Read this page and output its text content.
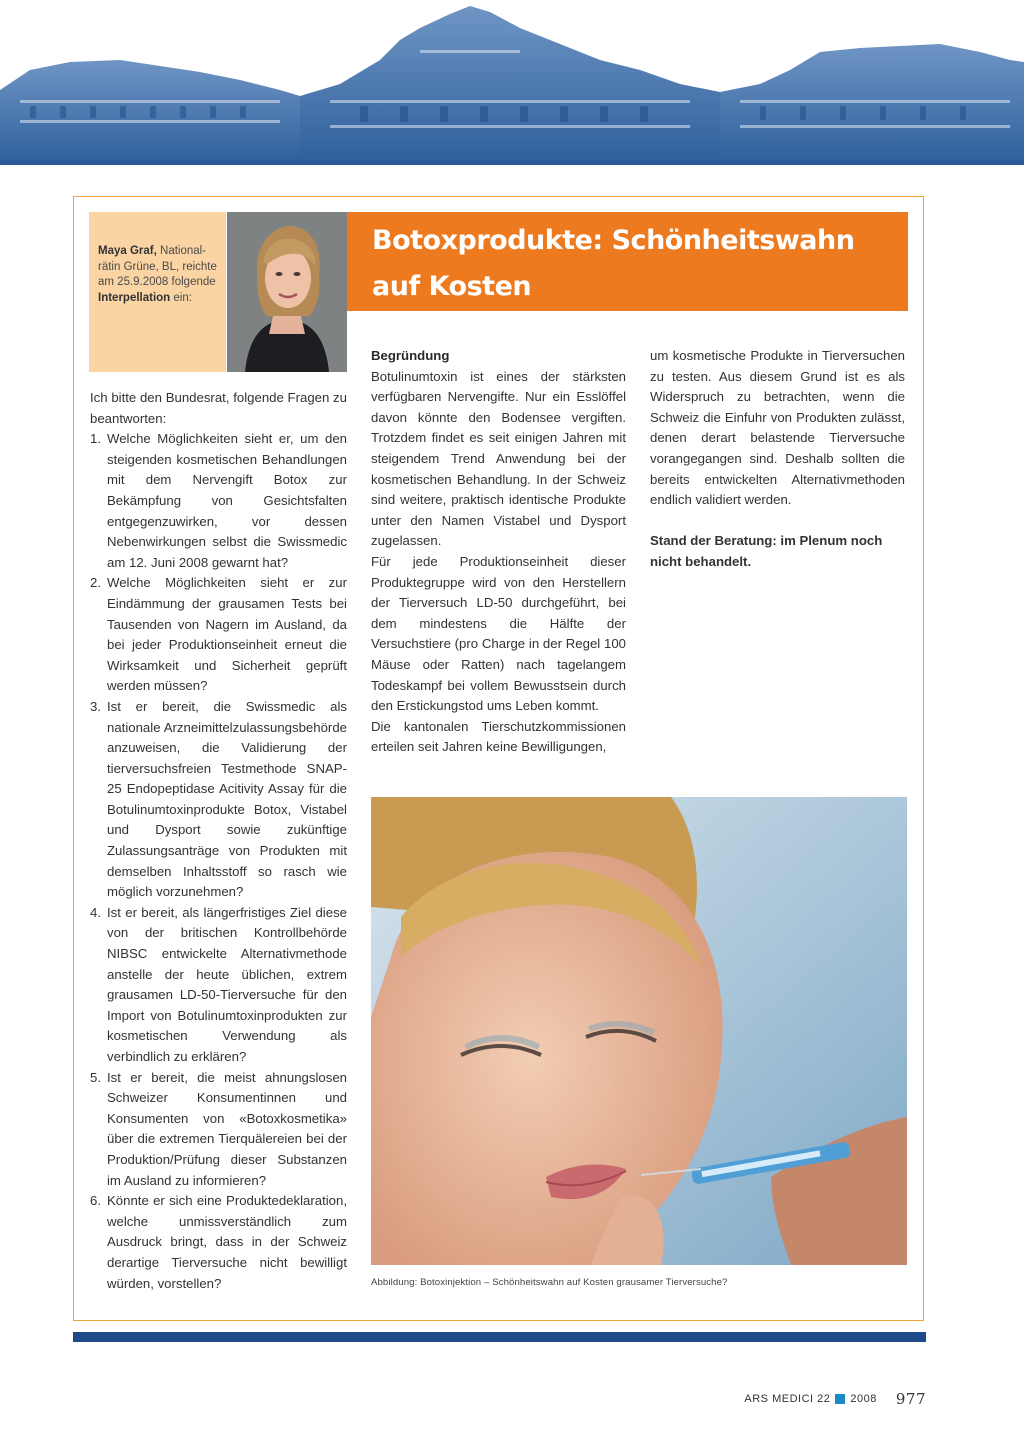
Maya Graf, Nationalrätin Grüne, BL, reichte am 25.9.2008 folgende Interpellation ein:
Botoxprodukte: Schönheitswahn auf Kosten
grausamer Tierversuche?

Ich bitte den Bundesrat, folgende Fragen zu beantworten:

1. Welche Möglichkeiten sieht er, um den steigenden kosmetischen Behandlungen mit dem Nervengift Botox zur Bekämpfung von Gesichtsfalten entgegenzuwirken, vor dessen Nebenwirkungen selbst die Swissmedic am 12. Juni 2008 gewarnt hat?
2. Welche Möglichkeiten sieht er zur Eindämmung der grausamen Tests bei Tausenden von Nagern im Ausland, da bei jeder Produktionseinheit erneut die Wirksamkeit und Sicherheit geprüft werden müssen?
3. Ist er bereit, die Swissmedic als nationale Arzneimittelzulassungsbehörde anzuweisen, die Validierung der tierversuchsfreien Testmethode SNAP-25 Endopeptidase Acitivity Assay für die Botulinumtoxinprodukte Botox, Vistabel und Dysport sowie zukünftige Zulassungsanträge von Produkten mit demselben Inhaltsstoff so rasch wie möglich vorzunehmen?
4. Ist er bereit, als längerfristiges Ziel diese von der britischen Kontrollbehörde NIBSC entwickelte Alternativmethode anstelle der heute üblichen, extrem grausamen LD-50-Tierversuche für den Import von Botulinumtoxinprodukten zur kosmetischen Verwendung als verbindlich zu erklären?
5. Ist er bereit, die meist ahnungslosen Schweizer Konsumentinnen und Konsumenten von «Botoxkosmetika» über die extremen Tierquälereien bei der Produktion/Prüfung dieser Substanzen im Ausland zu informieren?
6. Könnte er sich eine Produktedeklaration, welche unmissverständlich zum Ausdruck bringt, dass in der Schweiz derartige Tierversuche nicht bewilligt würden, vorstellen?

Begründung

Botulinumtoxin ist eines der stärksten verfügbaren Nervengifte. Nur ein Esslöffel davon könnte den Bodensee vergiften. Trotzdem findet es seit einigen Jahren mit steigendem Trend Anwendung bei der kosmetischen Behandlung. In der Schweiz sind weitere, praktisch identische Produkte unter den Namen Vistabel und Dysport zugelassen.

Für jede Produktionseinheit dieser Produktegruppe wird von den Herstellern der Tierversuch LD-50 durchgeführt, bei dem mindestens die Hälfte der Versuchstiere (pro Charge in der Regel 100 Mäuse oder Ratten) nach tagelangem Todeskampf bei vollem Bewusstsein durch den Erstickungstod ums Leben kommt.

Die kantonalen Tierschutzkommissionen erteilen seit Jahren keine Bewilligungen,

um kosmetische Produkte in Tierversuchen zu testen. Aus diesem Grund ist es als Widerspruch zu betrachten, wenn die Schweiz die Einfuhr von Produkten zulässt, denen derart belastende Tierversuche vorangegangen sind. Deshalb sollten die bereits entwickelten Alternativmethoden endlich validiert werden.

Stand der Beratung: im Plenum noch nicht behandelt.

Abbildung: Botoxinjektion – Schönheitswahn auf Kosten grausamer Tierversuche?
ARS MEDICI 22 2008 977
